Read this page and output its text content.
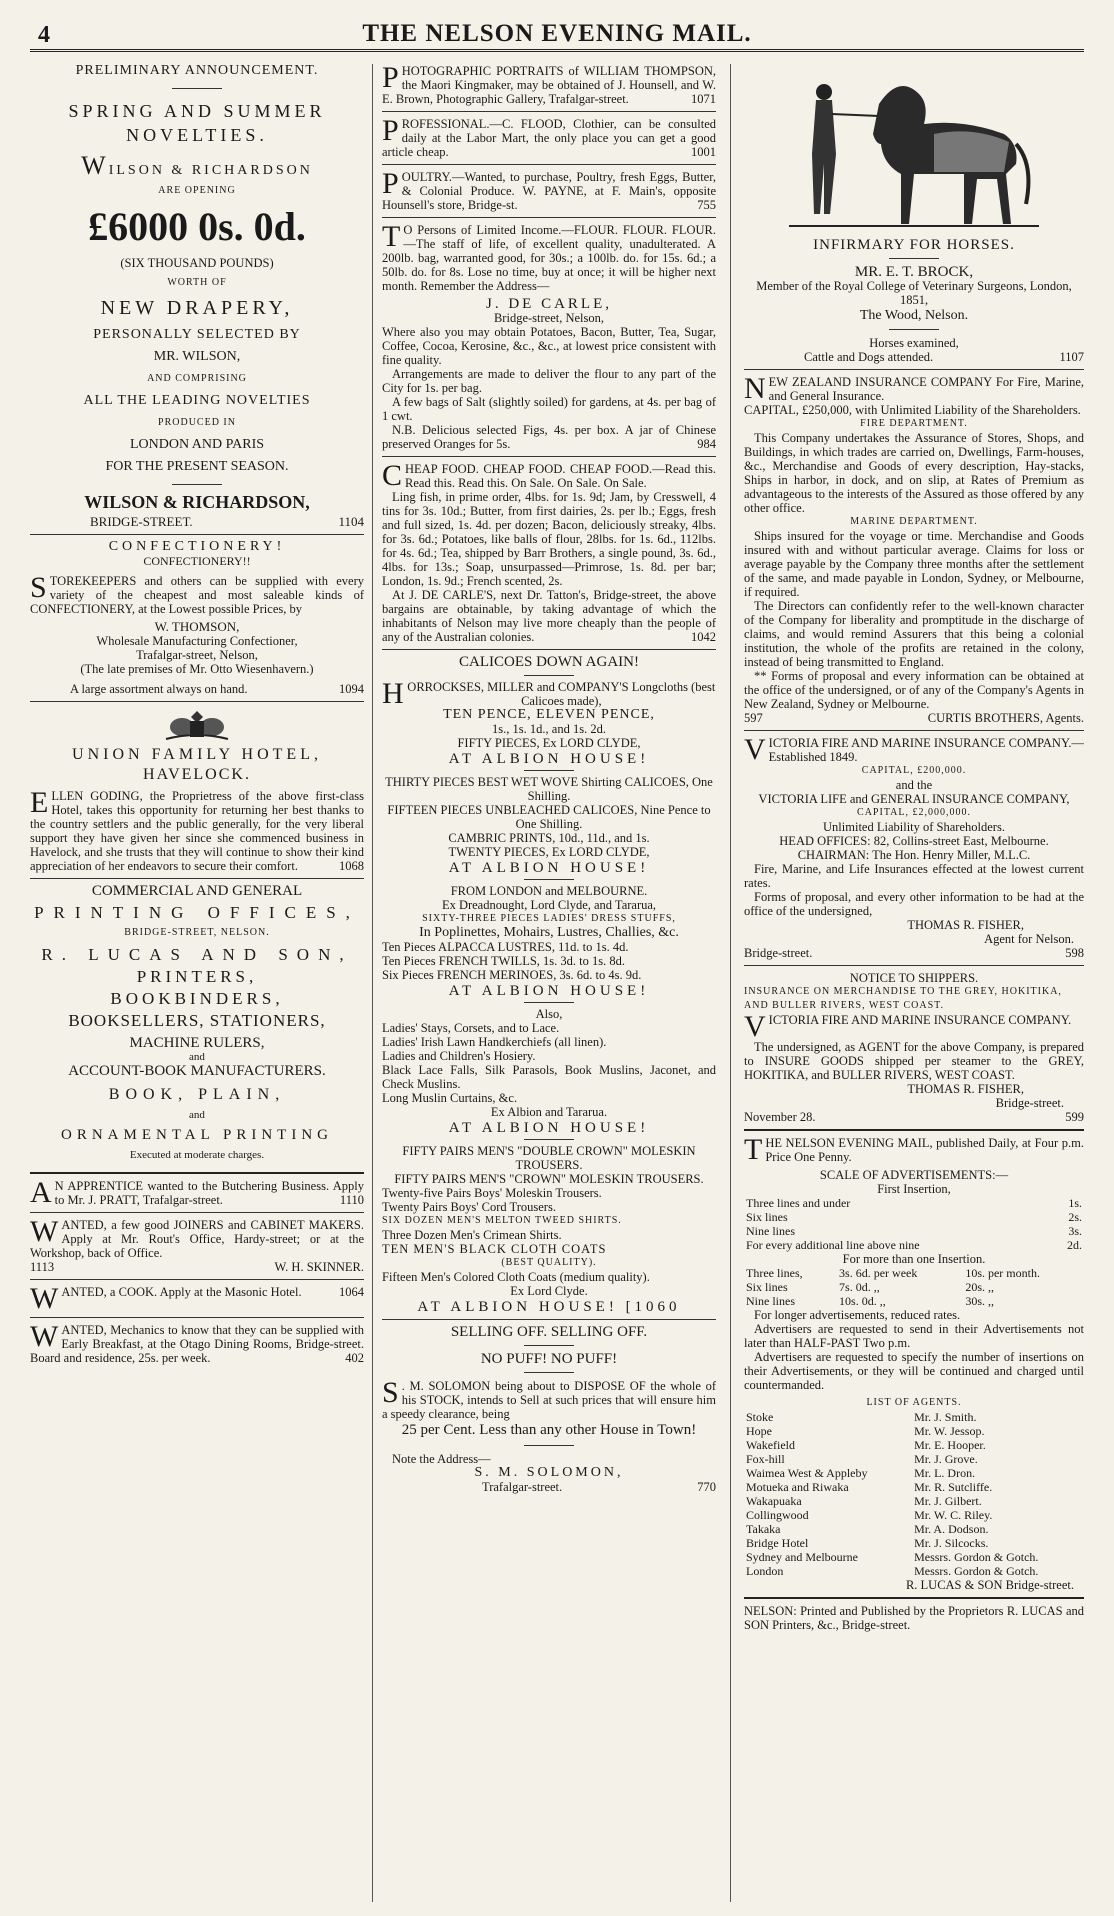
4	THE NELSON EVENING MAIL.
PRELIMINARY ANNOUNCEMENT.
SPRING AND SUMMER
NOVELTIES.
WILSON & RICHARDSON
ARE OPENING
£6000 0s. 0d.
(SIX THOUSAND POUNDS)
WORTH OF
NEW DRAPERY,
PERSONALLY SELECTED BY
MR. WILSON,
AND COMPRISING
ALL THE LEADING NOVELTIES
PRODUCED IN
LONDON AND PARIS
FOR THE PRESENT SEASON.
WILSON & RICHARDSON,
BRIDGE-STREET.	1104
CONFECTIONERY!
CONFECTIONERY!!
STOREKEEPERS and others can be supplied with every variety of the cheapest and most saleable kinds of CONFECTIONERY, at the Lowest possible Prices, by
W. THOMSON,
Wholesale Manufacturing Confectioner,
Trafalgar-street, Nelson,
(The late premises of Mr. Otto Wiesenhavern.)
A large assortment always on hand.	1094
UNION FAMILY HOTEL,
HAVELOCK.
ELLEN GODING, the Proprietress of the above first-class Hotel, takes this opportunity for returning her best thanks to the country settlers and the public generally, for the very liberal support they have given her since she commenced business in Havelock, and she trusts that they will continue to show their kind appreciation of her endeavors to secure their comfort.	1068
COMMERCIAL AND GENERAL
PRINTING OFFICES,
BRIDGE-STREET, NELSON.
R. LUCAS AND SON,
PRINTERS,
BOOKBINDERS,
BOOKSELLERS, STATIONERS,
MACHINE RULERS,
and
ACCOUNT-BOOK MANUFACTURERS.
BOOK, PLAIN,
and
ORNAMENTAL PRINTING
Executed at moderate charges.
A N APPRENTICE wanted to the Butchering Business. Apply to Mr. J. PRATT, Trafalgar-street.	1110
WANTED, a few good JOINERS and CABINET MAKERS. Apply at Mr. Rout's Office, Hardy-street; or at the Workshop, back of Office.
1113	W. H. SKINNER.
WANTED, a COOK. Apply at the Masonic Hotel.	1064
WANTED, Mechanics to know that they can be supplied with Early Breakfast, at the Otago Dining Rooms, Bridge-street. Board and residence, 25s. per week.	402
PHOTOGRAPHIC PORTRAITS of WILLIAM THOMPSON, the Maori Kingmaker, may be obtained of J. Hounsell, and W. E. Brown, Photographic Gallery, Trafalgar-street.	1071
PROFESSIONAL.—C. FLOOD, Clothier, can be consulted daily at the Labor Mart, the only place you can get a good article cheap.	1001
POULTRY.—Wanted, to purchase, Poultry, fresh Eggs, Butter, & Colonial Produce. W. PAYNE, at F. Main's, opposite Hounsell's store, Bridge-st.	755
T O Persons of Limited Income.—FLOUR. FLOUR. FLOUR.—The staff of life, of excellent quality, unadulterated. A 200lb. bag, warranted good, for 30s.; a 100lb. do. for 15s. 6d.; a 50lb. do. for 8s. Lose no time, buy at once; it will be higher next month. Remember the Address—
J. DE CARLE,
Bridge-street, Nelson,
Where also you may obtain Potatoes, Bacon, Butter, Tea, Sugar, Coffee, Cocoa, Kerosine, &c., &c., at lowest price consistent with fine quality.
Arrangements are made to deliver the flour to any part of the City for 1s. per bag.
A few bags of Salt (slightly soiled) for gardens, at 4s. per bag of 1 cwt.
N.B. Delicious selected Figs, 4s. per box. A jar of Chinese preserved Oranges for 5s.	984
CHEAP FOOD. CHEAP FOOD. CHEAP FOOD.—Read this. Read this. Read this. On Sale. On Sale. On Sale.
Ling fish, in prime order, 4lbs. for 1s. 9d; Jam, by Cresswell, 4 tins for 3s. 10d.; Butter, from first dairies, 2s. per lb.; Eggs, fresh and full sized, 1s. 4d. per dozen; Bacon, deliciously streaky, 4lbs. for 3s. 6d.; Potatoes, like balls of flour, 28lbs. for 1s. 6d., 112lbs. for 4s. 6d.; Tea, shipped by Barr Brothers, a single pound, 3s. 6d., 4lbs. for 13s.; Soap, unsurpassed—Primrose, 1s. 8d. per bar; London, 1s. 9d.; French scented, 2s.
At J. DE CARLE'S, next Dr. Tatton's, Bridge-street, the above bargains are obtainable, by taking advantage of which the inhabitants of Nelson may live more cheaply than the people of any of the Australian colonies.	1042
CALICOES DOWN AGAIN!
HORROCKSES, MILLER and COMPANY'S Longcloths (best Calicoes made),
TEN PENCE, ELEVEN PENCE,
1s., 1s. 1d., and 1s. 2d.
FIFTY PIECES, Ex LORD CLYDE,
AT ALBION HOUSE!
THIRTY PIECES BEST WET WOVE Shirting CALICOES, One Shilling.
FIFTEEN PIECES UNBLEACHED CALICOES, Nine Pence to One Shilling.
CAMBRIC PRINTS, 10d., 11d., and 1s.
TWENTY PIECES, Ex LORD CLYDE,
AT ALBION HOUSE!
FROM LONDON and MELBOURNE.
Ex Dreadnought, Lord Clyde, and Tararua,
SIXTY-THREE PIECES LADIES' DRESS STUFFS,
In Poplinettes, Mohairs, Lustres, Challies, &c.
Ten Pieces ALPACCA LUSTRES, 11d. to 1s. 4d.
Ten Pieces FRENCH TWILLS, 1s. 3d. to 1s. 8d.
Six Pieces FRENCH MERINOES, 3s. 6d. to 4s. 9d.
AT ALBION HOUSE!
Also,
Ladies' Stays, Corsets, and to Lace.
Ladies' Irish Lawn Handkerchiefs (all linen).
Ladies and Children's Hosiery.
Black Lace Falls, Silk Parasols, Book Muslins, Jaconet, and Check Muslins.
Long Muslin Curtains, &c.
Ex Albion and Tararua.
AT ALBION HOUSE!
FIFTY PAIRS MEN'S "DOUBLE CROWN" MOLESKIN TROUSERS.
FIFTY PAIRS MEN'S "CROWN" MOLESKIN TROUSERS.
Twenty-five Pairs Boys' Moleskin Trousers.
Twenty Pairs Boys' Cord Trousers.
SIX DOZEN MEN'S MELTON TWEED SHIRTS.
Three Dozen Men's Crimean Shirts.
TEN MEN'S BLACK CLOTH COATS
(BEST QUALITY).
Fifteen Men's Colored Cloth Coats (medium quality).
Ex Lord Clyde.
AT ALBION HOUSE! [1060
SELLING OFF. SELLING OFF.
NO PUFF! NO PUFF!
S . M. SOLOMON being about to DISPOSE OF the whole of his STOCK, intends to Sell at such prices that will ensure him a speedy clearance, being
25 per Cent. Less than any other House in Town!
Note the Address—
S. M. SOLOMON,
Trafalgar-street.	770
INFIRMARY FOR HORSES.
MR. E. T. BROCK,
Member of the Royal College of Veterinary Surgeons, London, 1851,
The Wood, Nelson.
Horses examined,
Cattle and Dogs attended.	1107
NEW ZEALAND INSURANCE COMPANY For Fire, Marine, and General Insurance.
CAPITAL, £250,000, with Unlimited Liability of the Shareholders.
FIRE DEPARTMENT.
This Company undertakes the Assurance of Stores, Shops, and Buildings, in which trades are carried on, Dwellings, Farm-houses, &c., Merchandise and Goods of every description, Hay-stacks, Ships in harbor, in dock, and on slip, at Rates of Premium as advantageous to the interests of the Assured as those offered by any other office.
MARINE DEPARTMENT.
Ships insured for the voyage or time. Merchandise and Goods insured with and without particular average. Claims for loss or average payable by the Company three months after the settlement of the same, and made payable in London, Sydney, or Melbourne, if required.
The Directors can confidently refer to the well-known character of the Company for liberality and promptitude in the discharge of claims, and would remind Assurers that this being a colonial institution, the whole of the profits are retained in the colony, instead of being transmitted to England.
** Forms of proposal and every information can be obtained at the office of the undersigned, or of any of the Company's Agents in New Zealand, Sydney or Melbourne.
597	CURTIS BROTHERS, Agents.
VICTORIA FIRE AND MARINE INSURANCE COMPANY.—Established 1849.
CAPITAL, £200,000.
and the
VICTORIA LIFE and GENERAL INSURANCE COMPANY,
CAPITAL, £2,000,000.
Unlimited Liability of Shareholders.
HEAD OFFICES: 82, Collins-street East, Melbourne.
CHAIRMAN: The Hon. Henry Miller, M.L.C.
Fire, Marine, and Life Insurances effected at the lowest current rates.
Forms of proposal, and every other information to be had at the office of the undersigned,
THOMAS R. FISHER,
Agent for Nelson.
Bridge-street.	598
NOTICE TO SHIPPERS.
INSURANCE ON MERCHANDISE TO THE GREY, HOKITIKA, AND BULLER RIVERS, WEST COAST.
VICTORIA FIRE AND MARINE INSURANCE COMPANY.
The undersigned, as AGENT for the above Company, is prepared to INSURE GOODS shipped per steamer to the GREY, HOKITIKA, and BULLER RIVERS, WEST COAST.
THOMAS R. FISHER,
Bridge-street.
November 28.	599
THE NELSON EVENING MAIL, published Daily, at Four p.m. Price One Penny.
SCALE OF ADVERTISEMENTS:—
First Insertion,
Three lines and under	1s.
Six lines	2s.
Nine lines	3s.
For every additional line above nine	2d.
For more than one Insertion.
Three lines,	3s. 6d. per week	10s. per month.
Six lines	7s. 0d. ,,	20s. ,,
Nine lines	10s. 0d. ,,	30s. ,,
For longer advertisements, reduced rates.
Advertisers are requested to send in their Advertisements not later than HALF-PAST Two p.m.
Advertisers are requested to specify the number of insertions on their Advertisements, or they will be continued and charged until countermanded.
LIST OF AGENTS.
Stoke	Mr. J. Smith.
Hope	Mr. W. Jessop.
Wakefield	Mr. E. Hooper.
Fox-hill	Mr. J. Grove.
Waimea West & Appleby	Mr. L. Dron.
Motueka and Riwaka	Mr. R. Sutcliffe.
Wakapuaka	Mr. J. Gilbert.
Collingwood	Mr. W. C. Riley.
Takaka	Mr. A. Dodson.
Bridge Hotel	Mr. J. Silcocks.
Sydney and Melbourne	Messrs. Gordon & Gotch.
London	Messrs. Gordon & Gotch.
R. LUCAS & SON Bridge-street.
NELSON: Printed and Published by the Proprietors R. LUCAS and SON Printers, &c., Bridge-street.
